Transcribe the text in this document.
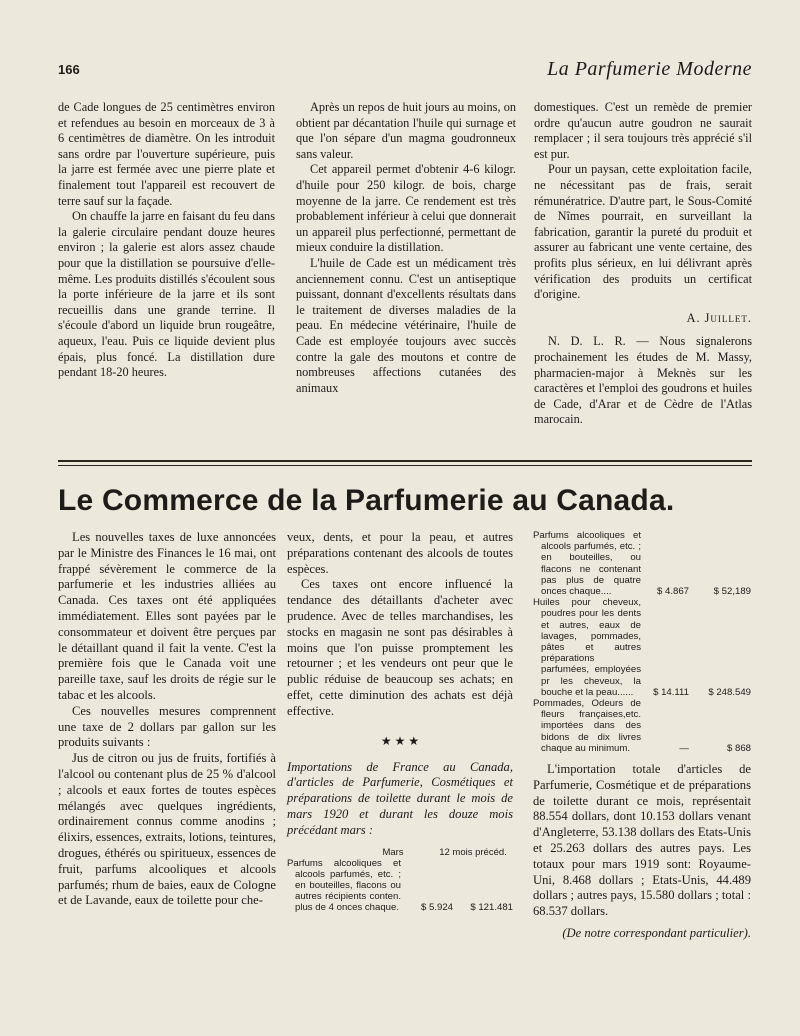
166	La Parfumerie Moderne

de Cade longues de 25 centimètres environ et refendues au besoin en morceaux de 3 à 6 centimètres de diamètre. On les introduit sans ordre par l'ouverture supérieure, puis la jarre est fermée avec une pierre plate et finalement tout l'appareil est recouvert de terre sauf sur la façade.

On chauffe la jarre en faisant du feu dans la galerie circulaire pendant douze heures environ ; la galerie est alors assez chaude pour que la distillation se poursuive d'elle-même. Les produits distillés s'écoulent sous la porte inférieure de la jarre et ils sont recueillis dans une grande terrine. Il s'écoule d'abord un liquide brun rougeâtre, aqueux, l'eau. Puis ce liquide devient plus épais, plus foncé. La distillation dure pendant 18-20 heures.

Après un repos de huit jours au moins, on obtient par décantation l'huile qui surnage et que l'on sépare d'un magma goudronneux sans valeur.

Cet appareil permet d'obtenir 4-6 kilogr. d'huile pour 250 kilogr. de bois, charge moyenne de la jarre. Ce rendement est très probablement inférieur à celui que donnerait un appareil plus perfectionné, permettant de mieux conduire la distillation.

L'huile de Cade est un médicament très anciennement connu. C'est un antiseptique puissant, donnant d'excellents résultats dans le traitement de diverses maladies de la peau. En médecine vétérinaire, l'huile de Cade est employée toujours avec succès contre la gale des moutons et contre de nombreuses affections cutanées des animaux

domestiques. C'est un remède de premier ordre qu'aucun autre goudron ne saurait remplacer ; il sera toujours très apprécié s'il est pur.

Pour un paysan, cette exploitation facile, ne nécessitant pas de frais, serait rémunératrice. D'autre part, le Sous-Comité de Nîmes pourrait, en surveillant la fabrication, garantir la pureté du produit et assurer au fabricant une vente certaine, des profits plus sérieux, en lui délivrant après vérification des produits un certificat d'origine.

A. Juillet.

N. D. L. R. — Nous signalerons prochainement les études de M. Massy, pharmacien-major à Meknès sur les caractères et l'emploi des goudrons et huiles de Cade, d'Arar et de Cèdre de l'Atlas marocain.

Le Commerce de la Parfumerie au Canada.

Les nouvelles taxes de luxe annoncées par le Ministre des Finances le 16 mai, ont frappé sévèrement le commerce de la parfumerie et les industries alliées au Canada. Ces taxes ont été appliquées immédiatement. Elles sont payées par le consommateur et doivent être perçues par le détaillant quand il fait la vente. C'est la première fois que le Canada voit une pareille taxe, sauf les droits de régie sur le tabac et les alcools.

Ces nouvelles mesures comprennent une taxe de 2 dollars par gallon sur les produits suivants :

Jus de citron ou jus de fruits, fortifiés à l'alcool ou contenant plus de 25 % d'alcool ; alcools et eaux fortes de toutes espèces mélangés avec quelques ingrédients, ordinairement connus comme anodins ; élixirs, essences, extraits, lotions, teintures, drogues, éthérés ou spiritueux, essences de fruit, parfums alcooliques et alcools parfumés; rhum de baies, eaux de Cologne et de Lavande, eaux de toilette pour che-

veux, dents, et pour la peau, et autres préparations contenant des alcools de toutes espèces.

Ces taxes ont encore influencé la tendance des détaillants d'acheter avec prudence. Avec de telles marchandises, les stocks en magasin ne sont pas désirables à moins que l'on puisse promptement les retourner ; et les vendeurs ont peur que le public réduise de beaucoup ses achats; en effet, cette diminution des achats est déjà effective.

★ ★ ★

Importations de France au Canada, d'articles de Parfumerie, Cosmétiques et préparations de toilette durant le mois de mars 1920 et durant les douze mois précédant mars :

Mars	12 mois précéd.
Parfums alcooliques et alcools parfumés, etc. ; en bouteilles, flacons ou autres récipients conten. plus de 4 onces chaque.	$ 5.924	$ 121.481
Parfums alcooliques et alcools parfumés, etc. ; en bouteilles, ou flacons ne contenant pas plus de quatre onces chaque....	$ 4.867	$ 52,189
Huiles pour cheveux, poudres pour les dents et autres, eaux de lavages, pommades, pâtes et autres préparations parfumées, employées pr les cheveux, la bouche et la peau......	$ 14.111	$ 248.549
Pommades, Odeurs de fleurs françaises,etc. importées dans des bidons de dix livres chaque au minimum.	—	$ 868

L'importation totale d'articles de Parfumerie, Cosmétique et de préparations de toilette durant ce mois, représentait 88.554 dollars, dont 10.153 dollars venant d'Angleterre, 53.138 dollars des Etats-Unis et 25.263 dollars des autres pays. Les totaux pour mars 1919 sont: Royaume-Uni, 8.468 dollars ; Etats-Unis, 44.489 dollars ; autres pays, 15.580 dollars ; total : 68.537 dollars.

(De notre correspondant particulier).
